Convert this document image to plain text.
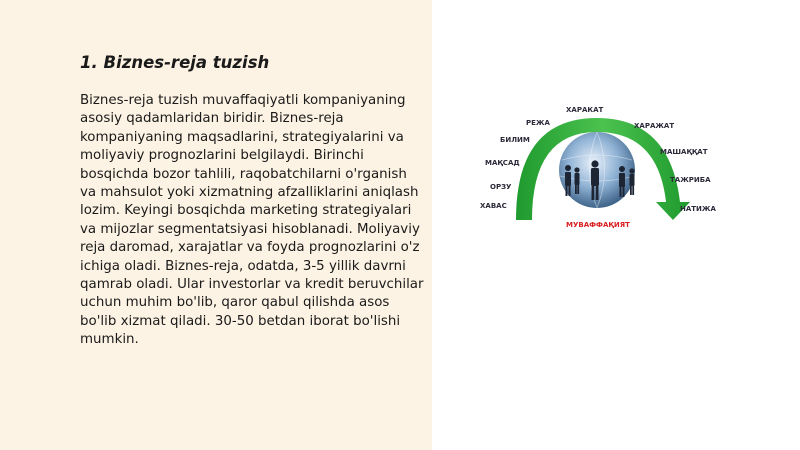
1. Biznes-reja tuzish

Biznes-reja tuzish muvaffaqiyatli kompaniyaning asosiy qadamlaridan biridir. Biznes-reja kompaniyaning maqsadlarini, strategiyalarini va moliyaviy prognozlarini belgilaydi. Birinchi bosqichda bozor tahlili, raqobatchilarni o'rganish va mahsulot yoki xizmatning afzalliklarini aniqlash lozim. Keyingi bosqichda marketing strategiyalari va mijozlar segmentatsiyasi hisoblanadi. Moliyaviy reja daromad, xarajatlar va foyda prognozlarini o'z ichiga oladi. Biznes-reja, odatda, 3-5 yillik davrni qamrab oladi. Ular investorlar va kredit beruvchilar uchun muhim bo'lib, qaror qabul qilishda asos bo'lib xizmat qiladi. 30-50 betdan iborat bo'lishi mumkin.

ХАРАКАТ
РЕЖА	ХАРАЖАТ
БИЛИМ
МАШАҚҚАТ
МАҚСАД
ОРЗУ
ТАЖРИБА
ХАВАС	НАТИЖА
МУВАФФАҚИЯТ
